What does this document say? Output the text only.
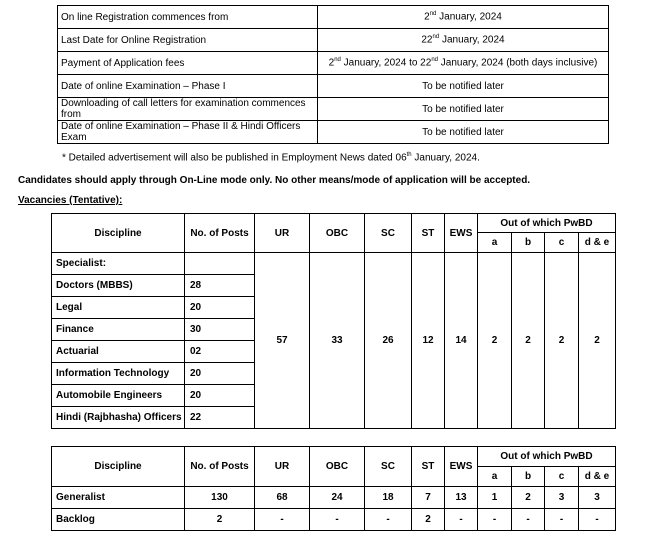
On line Registration commences from	2nd January, 2024
Last Date for Online Registration	22nd January, 2024
Payment of Application fees	2nd January, 2024 to 22nd January, 2024 (both days inclusive)
Date of online Examination – Phase I	To be notified later
Downloading of call letters for examination commences from	To be notified later
Date of online Examination – Phase II & Hindi Officers Exam	To be notified later
* Detailed advertisement will also be published in Employment News dated 06th January, 2024.
Candidates should apply through On-Line mode only. No other means/mode of application will be accepted.
Vacancies (Tentative):
Discipline	No. of Posts	UR	OBC	SC	ST	EWS	Out of which PwBD			
							a	b	c	d & e
Specialist:		57	33	26	12	14	2	2	2	2
Doctors (MBBS)	28									
Legal	20									
Finance	30									
Actuarial	02									
Information Technology	20									
Automobile Engineers	20									
Hindi (Rajbhasha) Officers	22									
Discipline	No. of Posts	UR	OBC	SC	ST	EWS	Out of which PwBD			
							a	b	c	d & e
Generalist	130	68	24	18	7	13	1	2	3	3
Backlog	2	-	-	-	2	-	-	-	-	-
